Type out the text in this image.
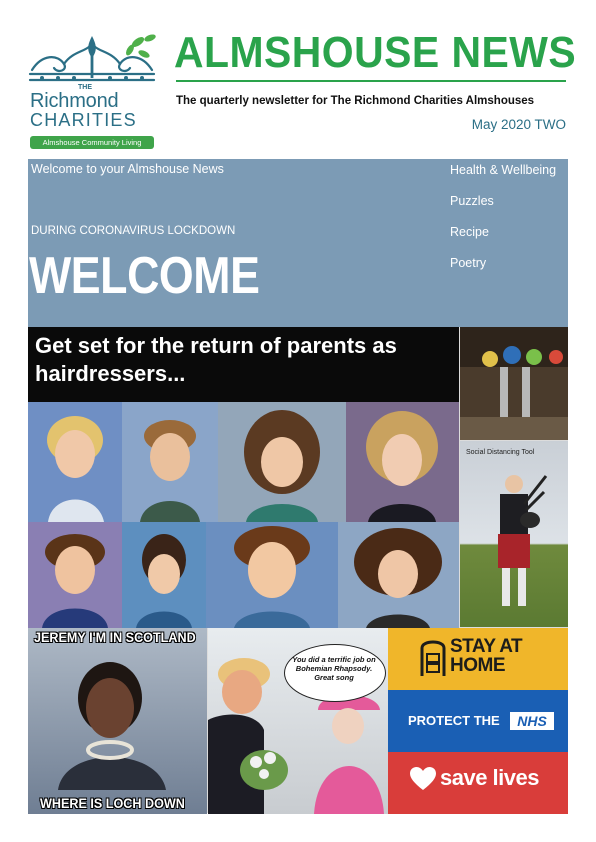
THE
Richmond
CHARITIES
Almshouse Community Living
ALMSHOUSE NEWS
The quarterly newsletter for The Richmond Charities Almshouses
May 2020 TWO
Welcome to your Almshouse News
DURING CORONAVIRUS LOCKDOWN
WELCOME
Health & Wellbeing
Puzzles
Recipe
Poetry
Get set for the return of parents as hairdressers...
Social Distancing Tool
JEREMY I'M IN SCOTLAND
WHERE IS LOCH DOWN
You did a terrific job on Bohemian Rhapsody. Great song
STAY AT HOME
PROTECT THE	NHS
save lives
